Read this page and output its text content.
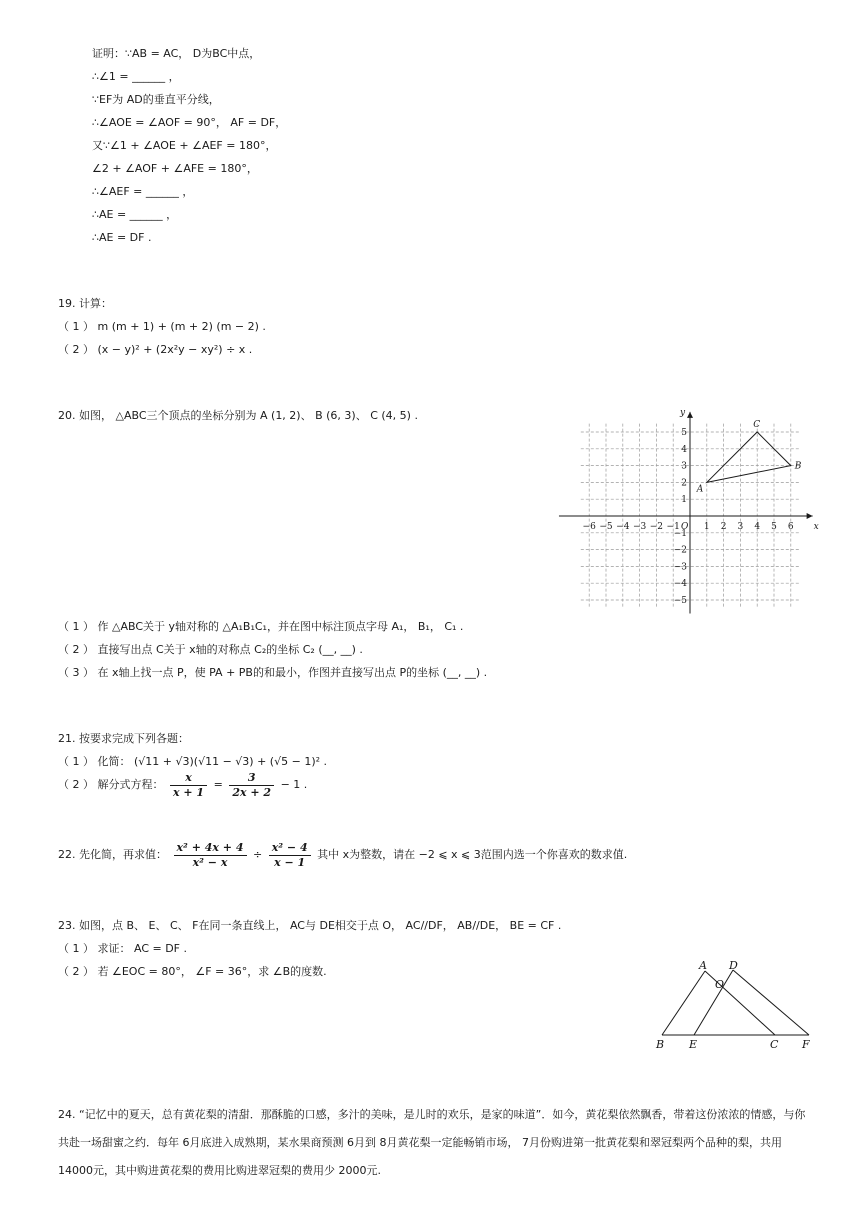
证明：∵AB = AC， D为BC中点，
∴∠1 = ______ ，
∵EF为 AD的垂直平分线，
∴∠AOE = ∠AOF = 90°， AF = DF，
又∵∠1 + ∠AOE + ∠AEF = 180°，
∠2 + ∠AOF + ∠AFE = 180°，
∴∠AEF = ______ ，
∴AE = ______ ，
∴AE = DF .
19. 计算：
（ 1 ） m (m + 1) + (m + 2) (m − 2) .
（ 2 ） (x − y)² + (2x²y − xy²) ÷ x .
20. 如图， △ABC三个顶点的坐标分别为 A (1, 2)、 B (6, 3)、 C (4, 5) .
−6 −5 −4 −3 −2 −1	1 2 3 4 5 6
5
4
3
2
1
−1
−2
−3
−4
−5
O	x
y
A
B
C
（ 1 ） 作 △ABC关于 y轴对称的 △A₁B₁C₁，并在图中标注顶点字母 A₁， B₁， C₁ .
（ 2 ） 直接写出点 C关于 x轴的对称点 C₂的坐标 C₂ (__, __) .
（ 3 ） 在 x轴上找一点 P，使 PA + PB的和最小，作图并直接写出点 P的坐标 (__, __) .
21. 按要求完成下列各题：
（ 1 ） 化简： (√11 + √3)(√11 − √3) + (√5 − 1)² .
（ 2 ） 解分式方程： $\frac{x}{x + 1} = \frac{3}{2x + 2} - 1$ .
22. 先化简，再求值： $\frac{\text{x² + 4x + 4}}{\text{x² − x}} \div \frac{\text{x² − 4}}{x - 1}$ 其中 x为整数，请在 −2 ⩽ x ⩽ 3范围内选一个你喜欢的数求值.
23. 如图，点 B、 E、 C、 F在同一条直线上， AC与 DE相交于点 O， AC//DF， AB//DE， BE = CF .
（ 1 ） 求证： AC = DF .
（ 2 ） 若 ∠EOC = 80°， ∠F = 36°，求 ∠B的度数.	A D
O
B E	C F
24. “记忆中的夏天，总有黄花梨的清甜．那酥脆的口感，多汁的美味，是儿时的欢乐，是家的味道”．如今，黄花梨依然飘香，带着这份浓浓的情感，与你共赴一场甜蜜之约．每年 6月底进入成熟期，某水果商预测 6月到 8月黄花梨一定能畅销市场， 7月份购进第一批黄花梨和翠冠梨两个品种的梨，共用 14000元，其中购进黄花梨的费用比购进翠冠梨的费用少 2000元.
